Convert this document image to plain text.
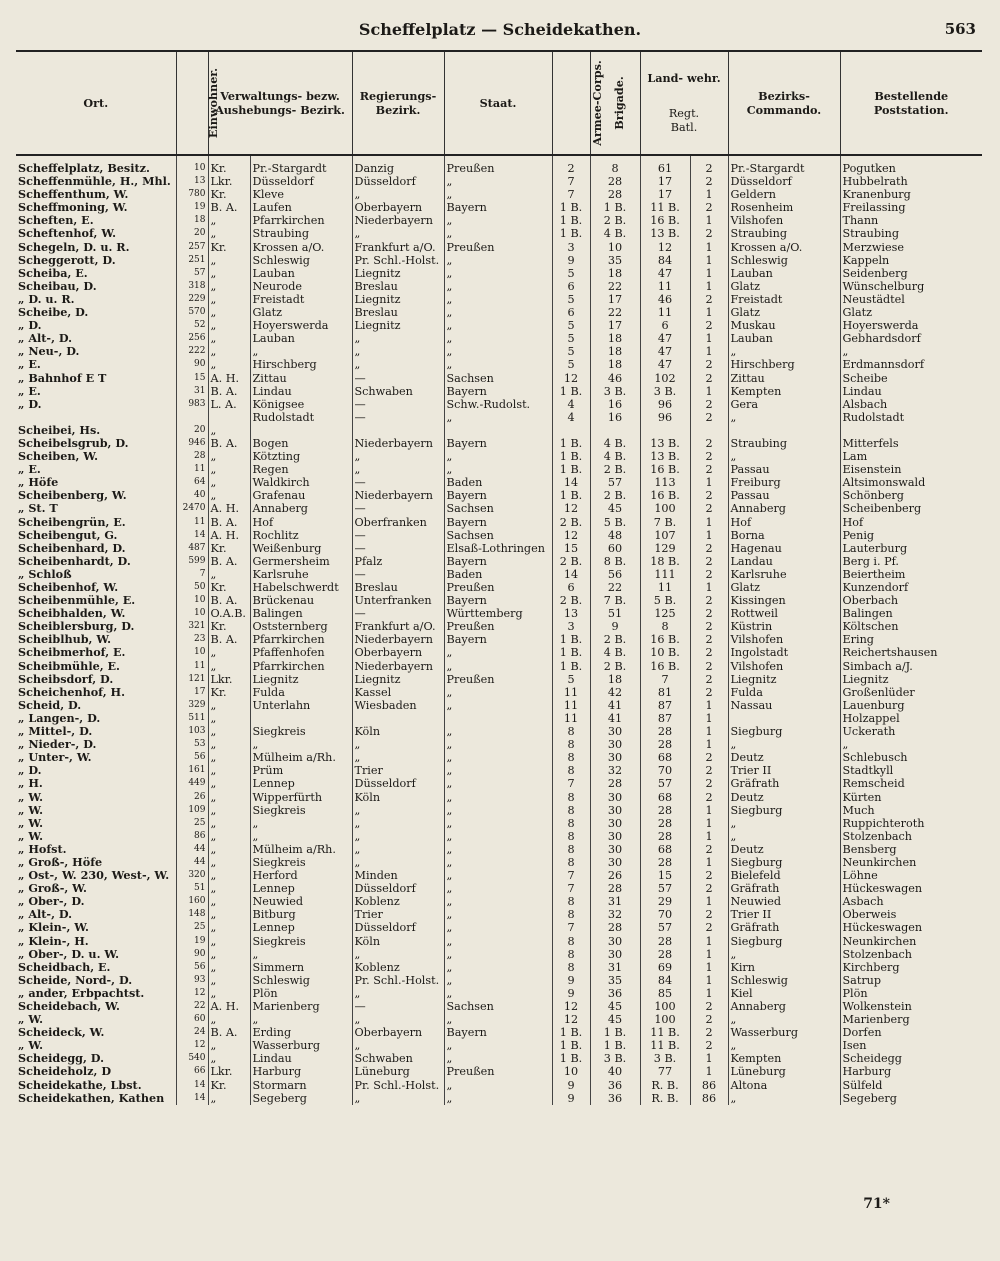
Scheffelplatz — Scheidekathen.	563
Ort.	Einwohner.	Verwaltungs- bezw. Aushebungs- Bezirk.		Regierungs- Bezirk.	Staat.	Armee-Corps.	Brigade.	Land- wehr.
Regt. Batl.		Bezirks- Commando.	Bestellende Poststation.
Scheffelplatz, Besitz.	10	Kr.	Pr.-Stargardt	Danzig	Preußen	2	8	61	2	Pr.-Stargardt	Pogutken
Scheffenmühle, H., Mhl.	13	Lkr.	Düsseldorf	Düsseldorf	„	7	28	17	2	Düsseldorf	Hubbelrath
Scheffenthum, W.	780	Kr.	Kleve	„	„	7	28	17	1	Geldern	Kranenburg
Scheffmoning, W.	19	B. A.	Laufen	Oberbayern	Bayern	1 B.	1 B.	11 B.	2	Rosenheim	Freilassing
Scheften, E.	18	„	Pfarrkirchen	Niederbayern	„	1 B.	2 B.	16 B.	1	Vilshofen	Thann
Scheftenhof, W.	20	„	Straubing	„	„	1 B.	4 B.	13 B.	2	Straubing	Straubing
Schegeln, D. u. R.	257	Kr.	Krossen a/O.	Frankfurt a/O.	Preußen	3	10	12	1	Krossen a/O.	Merzwiese
Scheggerott, D.	251	„	Schleswig	Pr. Schl.-Holst.	„	9	35	84	1	Schleswig	Kappeln
Scheiba, E.	57	„	Lauban	Liegnitz	„	5	18	47	1	Lauban	Seidenberg
Scheibau, D.	318	„	Neurode	Breslau	„	6	22	11	1	Glatz	Wünschelburg
„ D. u. R.	229	„	Freistadt	Liegnitz	„	5	17	46	2	Freistadt	Neustädtel
Scheibe, D.	570	„	Glatz	Breslau	„	6	22	11	1	Glatz	Glatz
„ D.	52	„	Hoyerswerda	Liegnitz	„	5	17	6	2	Muskau	Hoyerswerda
„ Alt-, D.	256	„	Lauban	„	„	5	18	47	1	Lauban	Gebhardsdorf
„ Neu-, D.	222	„	„	„	„	5	18	47	1	„	„
„ E.	90	„	Hirschberg	„	„	5	18	47	2	Hirschberg	Erdmannsdorf
„ Bahnhof E T	15	A. H.	Zittau	—	Sachsen	12	46	102	2	Zittau	Scheibe
„ E.	31	B. A.	Lindau	Schwaben	Bayern	1 B.	3 B.	3 B.	1	Kempten	Lindau
„ D.	983	L. A.	Königsee	—	Schw.-Rudolst.	4	16	96	2	Gera	Alsbach
			Rudolstadt	—	„	4	16	96	2	„	Rudolstadt
Scheibei, Hs.	20	„									
Scheibelsgrub, D.	946	B. A.	Bogen	Niederbayern	Bayern	1 B.	4 B.	13 B.	2	Straubing	Mitterfels
Scheiben, W.	28	„	Kötzting	„	„	1 B.	4 B.	13 B.	2	„	Lam
„ E.	11	„	Regen	„	„	1 B.	2 B.	16 B.	2	Passau	Eisenstein
„ Höfe	64	„	Waldkirch	—	Baden	14	57	113	1	Freiburg	Altsimonswald
Scheibenberg, W.	40	„	Grafenau	Niederbayern	Bayern	1 B.	2 B.	16 B.	2	Passau	Schönberg
„ St. T	2470	A. H.	Annaberg	—	Sachsen	12	45	100	2	Annaberg	Scheibenberg
Scheibengrün, E.	11	B. A.	Hof	Oberfranken	Bayern	2 B.	5 B.	7 B.	1	Hof	Hof
Scheibengut, G.	14	A. H.	Rochlitz	—	Sachsen	12	48	107	1	Borna	Penig
Scheibenhard, D.	487	Kr.	Weißenburg	—	Elsaß-Lothringen	15	60	129	2	Hagenau	Lauterburg
Scheibenhardt, D.	599	B. A.	Germersheim	Pfalz	Bayern	2 B.	8 B.	18 B.	2	Landau	Berg i. Pf.
„ Schloß	7	„	Karlsruhe	—	Baden	14	56	111	2	Karlsruhe	Beiertheim
Scheibenhof, W.	50	Kr.	Habelschwerdt	Breslau	Preußen	6	22	11	1	Glatz	Kunzendorf
Scheibenmühle, E.	10	B. A.	Brückenau	Unterfranken	Bayern	2 B.	7 B.	5 B.	2	Kissingen	Oberbach
Scheibhalden, W.	10	O.A.B.	Balingen	—	Württemberg	13	51	125	2	Rottweil	Balingen
Scheiblersburg, D.	321	Kr.	Oststernberg	Frankfurt a/O.	Preußen	3	9	8	2	Küstrin	Költschen
Scheiblhub, W.	23	B. A.	Pfarrkirchen	Niederbayern	Bayern	1 B.	2 B.	16 B.	2	Vilshofen	Ering
Scheibmerhof, E.	10	„	Pfaffenhofen	Oberbayern	„	1 B.	4 B.	10 B.	2	Ingolstadt	Reichertshausen
Scheibmühle, E.	11	„	Pfarrkirchen	Niederbayern	„	1 B.	2 B.	16 B.	2	Vilshofen	Simbach a/J.
Scheibsdorf, D.	121	Lkr.	Liegnitz	Liegnitz	Preußen	5	18	7	2	Liegnitz	Liegnitz
Scheichenhof, H.	17	Kr.	Fulda	Kassel	„	11	42	81	2	Fulda	Großenlüder
Scheid, D.	329	„	Unterlahn	Wiesbaden	„	11	41	87	1	Nassau	Lauenburg
„ Langen-, D.	511	„				11	41	87	1		Holzappel
„ Mittel-, D.	103	„	Siegkreis	Köln	„	8	30	28	1	Siegburg	Uckerath
„ Nieder-, D.	53	„	„	„	„	8	30	28	1	„	„
„ Unter-, W.	56	„	Mülheim a/Rh.	„	„	8	30	68	2	Deutz	Schlebusch
„ D.	161	„	Prüm	Trier	„	8	32	70	2	Trier II	Stadtkyll
„ H.	449	„	Lennep	Düsseldorf	„	7	28	57	2	Gräfrath	Remscheid
„ W.	26	„	Wipperfürth	Köln	„	8	30	68	2	Deutz	Kürten
„ W.	109	„	Siegkreis	„	„	8	30	28	1	Siegburg	Much
„ W.	25	„	„	„	„	8	30	28	1	„	Ruppichteroth
„ W.	86	„	„	„	„	8	30	28	1	„	Stolzenbach
„ Hofst.	44	„	Mülheim a/Rh.	„	„	8	30	68	2	Deutz	Bensberg
„ Groß-, Höfe	44	„	Siegkreis	„	„	8	30	28	1	Siegburg	Neunkirchen
„ Ost-, W. 230, West-, W.	320	„	Herford	Minden	„	7	26	15	2	Bielefeld	Löhne
„ Groß-, W.	51	„	Lennep	Düsseldorf	„	7	28	57	2	Gräfrath	Hückeswagen
„ Ober-, D.	160	„	Neuwied	Koblenz	„	8	31	29	1	Neuwied	Asbach
„ Alt-, D.	148	„	Bitburg	Trier	„	8	32	70	2	Trier II	Oberweis
„ Klein-, W.	25	„	Lennep	Düsseldorf	„	7	28	57	2	Gräfrath	Hückeswagen
„ Klein-, H.	19	„	Siegkreis	Köln	„	8	30	28	1	Siegburg	Neunkirchen
„ Ober-, D. u. W.	90	„	„	„	„	8	30	28	1	„	Stolzenbach
Scheidbach, E.	56	„	Simmern	Koblenz	„	8	31	69	1	Kirn	Kirchberg
Scheide, Nord-, D.	93	„	Schleswig	Pr. Schl.-Holst.	„	9	35	84	1	Schleswig	Satrup
„ ander, Erbpachtst.	12	„	Plön	„	„	9	36	85	1	Kiel	Plön
Scheidebach, W.	22	A. H.	Marienberg	—	Sachsen	12	45	100	2	Annaberg	Wolkenstein
„ W.	60	„	„	„	„	12	45	100	2	„	Marienberg
Scheideck, W.	24	B. A.	Erding	Oberbayern	Bayern	1 B.	1 B.	11 B.	2	Wasserburg	Dorfen
„ W.	12	„	Wasserburg	„	„	1 B.	1 B.	11 B.	2	„	Isen
Scheidegg, D.	540	„	Lindau	Schwaben	„	1 B.	3 B.	3 B.	1	Kempten	Scheidegg
Scheideholz, D	66	Lkr.	Harburg	Lüneburg	Preußen	10	40	77	1	Lüneburg	Harburg
Scheidekathe, Lbst.	14	Kr.	Stormarn	Pr. Schl.-Holst.	„	9	36	R. B.	86	Altona	Sülfeld
Scheidekathen, Kathen	14	„	Segeberg	„	„	9	36	R. B.	86	„	Segeberg
71*
